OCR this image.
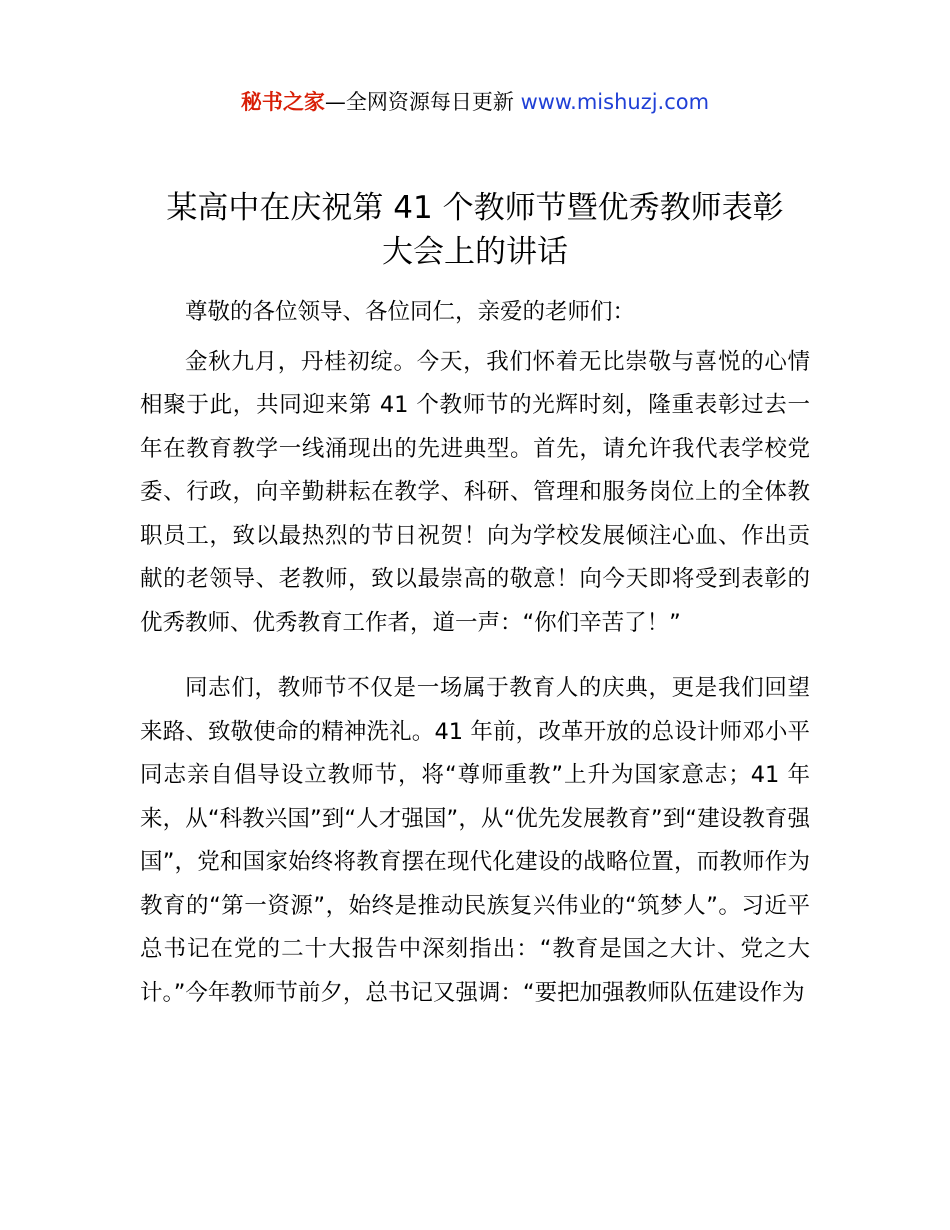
秘书之家—全网资源每日更新 www.mishuzj.com
某高中在庆祝第 41 个教师节暨优秀教师表彰
大会上的讲话

尊敬的各位领导、各位同仁，亲爱的老师们：

金秋九月，丹桂初绽。今天，我们怀着无比崇敬与喜悦的心情相聚于此，共同迎来第 41 个教师节的光辉时刻，隆重表彰过去一年在教育教学一线涌现出的先进典型。首先，请允许我代表学校党委、行政，向辛勤耕耘在教学、科研、管理和服务岗位上的全体教职员工，致以最热烈的节日祝贺！向为学校发展倾注心血、作出贡献的老领导、老教师，致以最崇高的敬意！向今天即将受到表彰的优秀教师、优秀教育工作者，道一声：“你们辛苦了！”

同志们，教师节不仅是一场属于教育人的庆典，更是我们回望来路、致敬使命的精神洗礼。41 年前，改革开放的总设计师邓小平同志亲自倡导设立教师节，将“尊师重教”上升为国家意志；41 年来，从“科教兴国”到“人才强国”，从“优先发展教育”到“建设教育强国”，党和国家始终将教育摆在现代化建设的战略位置，而教师作为教育的“第一资源”，始终是推动民族复兴伟业的“筑梦人”。习近平总书记在党的二十大报告中深刻指出：“教育是国之大计、党之大计。”今年教师节前夕，总书记又强调：“要把加强教师队伍建设作为
